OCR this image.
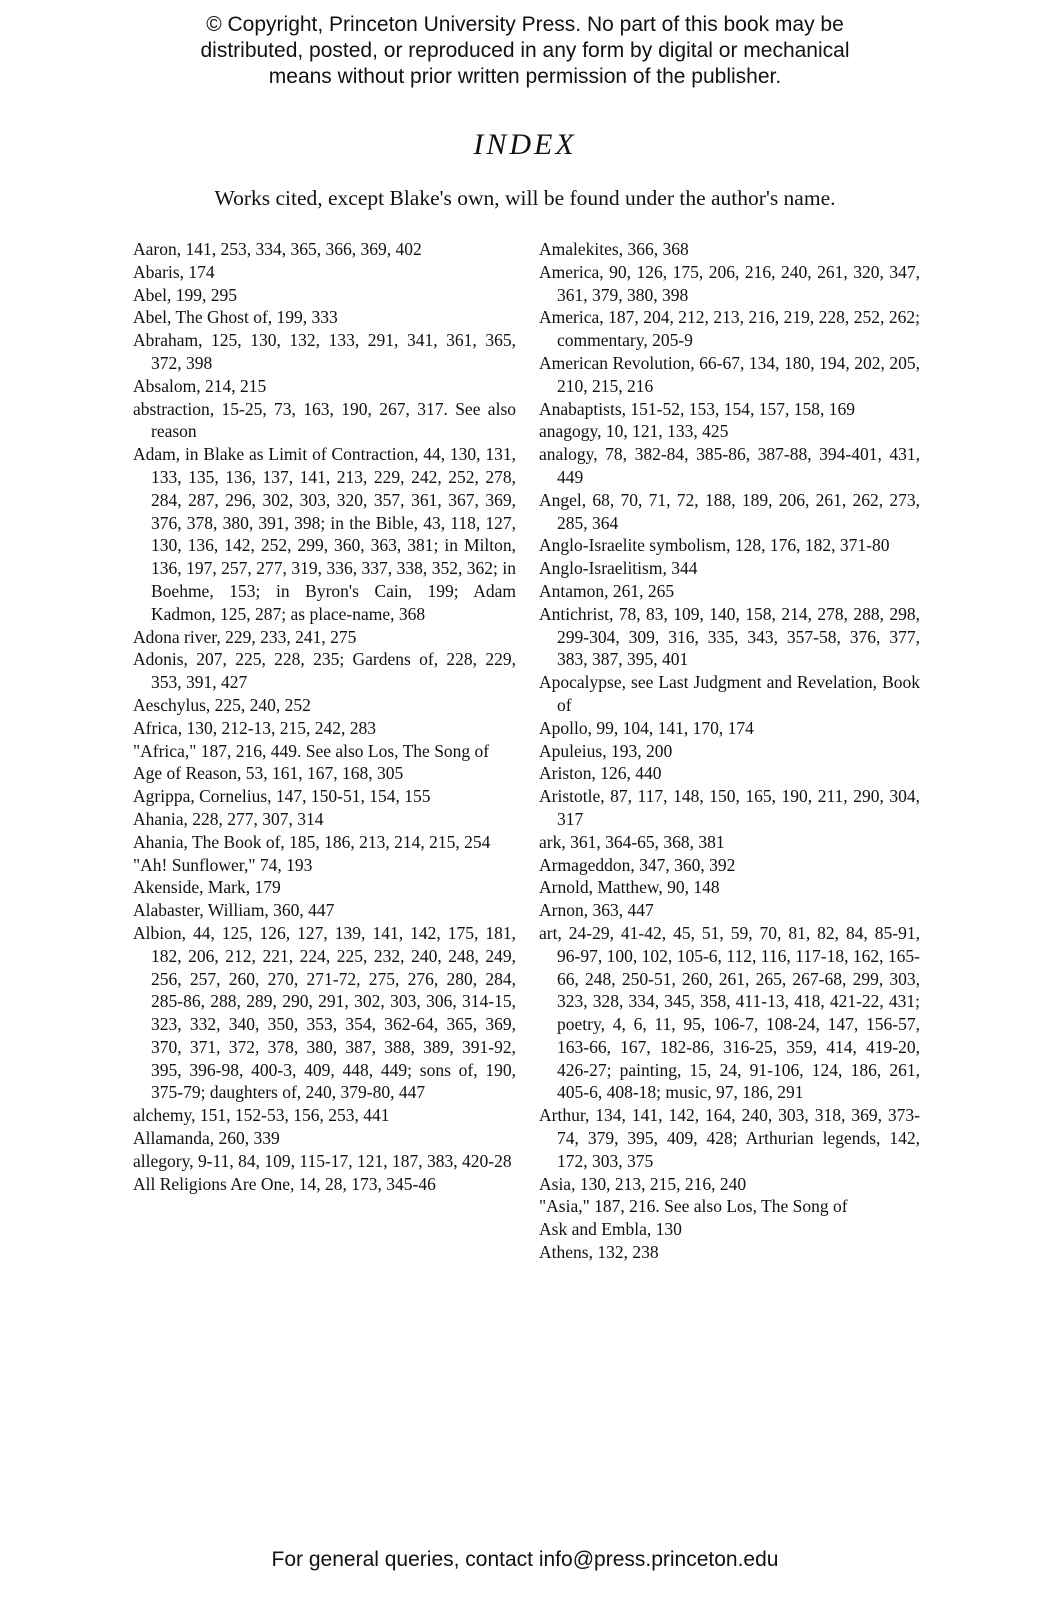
© Copyright, Princeton University Press. No part of this book may be
distributed, posted, or reproduced in any form by digital or mechanical
means without prior written permission of the publisher.
INDEX
Works cited, except Blake's own, will be found under the author's name.
Aaron, 141, 253, 334, 365, 366, 369, 402
Abaris, 174
Abel, 199, 295
Abel, The Ghost of, 199, 333
Abraham, 125, 130, 132, 133, 291, 341, 361, 365, 372, 398
Absalom, 214, 215
abstraction, 15-25, 73, 163, 190, 267, 317. See also reason
Adam, in Blake as Limit of Contraction, 44, 130, 131, 133, 135, 136, 137, 141, 213, 229, 242, 252, 278, 284, 287, 296, 302, 303, 320, 357, 361, 367, 369, 376, 378, 380, 391, 398; in the Bible, 43, 118, 127, 130, 136, 142, 252, 299, 360, 363, 381; in Milton, 136, 197, 257, 277, 319, 336, 337, 338, 352, 362; in Boehme, 153; in Byron's Cain, 199; Adam Kadmon, 125, 287; as place-name, 368
Adona river, 229, 233, 241, 275
Adonis, 207, 225, 228, 235; Gardens of, 228, 229, 353, 391, 427
Aeschylus, 225, 240, 252
Africa, 130, 212-13, 215, 242, 283
"Africa," 187, 216, 449. See also Los, The Song of
Age of Reason, 53, 161, 167, 168, 305
Agrippa, Cornelius, 147, 150-51, 154, 155
Ahania, 228, 277, 307, 314
Ahania, The Book of, 185, 186, 213, 214, 215, 254
"Ah! Sunflower," 74, 193
Akenside, Mark, 179
Alabaster, William, 360, 447
Albion, 44, 125, 126, 127, 139, 141, 142, 175, 181, 182, 206, 212, 221, 224, 225, 232, 240, 248, 249, 256, 257, 260, 270, 271-72, 275, 276, 280, 284, 285-86, 288, 289, 290, 291, 302, 303, 306, 314-15, 323, 332, 340, 350, 353, 354, 362-64, 365, 369, 370, 371, 372, 378, 380, 387, 388, 389, 391-92, 395, 396-98, 400-3, 409, 448, 449; sons of, 190, 375-79; daughters of, 240, 379-80, 447
alchemy, 151, 152-53, 156, 253, 441
Allamanda, 260, 339
allegory, 9-11, 84, 109, 115-17, 121, 187, 383, 420-28
All Religions Are One, 14, 28, 173, 345-46
Amalekites, 366, 368
America, 90, 126, 175, 206, 216, 240, 261, 320, 347, 361, 379, 380, 398
America, 187, 204, 212, 213, 216, 219, 228, 252, 262; commentary, 205-9
American Revolution, 66-67, 134, 180, 194, 202, 205, 210, 215, 216
Anabaptists, 151-52, 153, 154, 157, 158, 169
anagogy, 10, 121, 133, 425
analogy, 78, 382-84, 385-86, 387-88, 394-401, 431, 449
Angel, 68, 70, 71, 72, 188, 189, 206, 261, 262, 273, 285, 364
Anglo-Israelite symbolism, 128, 176, 182, 371-80
Anglo-Israelitism, 344
Antamon, 261, 265
Antichrist, 78, 83, 109, 140, 158, 214, 278, 288, 298, 299-304, 309, 316, 335, 343, 357-58, 376, 377, 383, 387, 395, 401
Apocalypse, see Last Judgment and Revelation, Book of
Apollo, 99, 104, 141, 170, 174
Apuleius, 193, 200
Ariston, 126, 440
Aristotle, 87, 117, 148, 150, 165, 190, 211, 290, 304, 317
ark, 361, 364-65, 368, 381
Armageddon, 347, 360, 392
Arnold, Matthew, 90, 148
Arnon, 363, 447
art, 24-29, 41-42, 45, 51, 59, 70, 81, 82, 84, 85-91, 96-97, 100, 102, 105-6, 112, 116, 117-18, 162, 165-66, 248, 250-51, 260, 261, 265, 267-68, 299, 303, 323, 328, 334, 345, 358, 411-13, 418, 421-22, 431; poetry, 4, 6, 11, 95, 106-7, 108-24, 147, 156-57, 163-66, 167, 182-86, 316-25, 359, 414, 419-20, 426-27; painting, 15, 24, 91-106, 124, 186, 261, 405-6, 408-18; music, 97, 186, 291
Arthur, 134, 141, 142, 164, 240, 303, 318, 369, 373-74, 379, 395, 409, 428; Arthurian legends, 142, 172, 303, 375
Asia, 130, 213, 215, 216, 240
"Asia," 187, 216. See also Los, The Song of
Ask and Embla, 130
Athens, 132, 238
For general queries, contact info@press.princeton.edu
